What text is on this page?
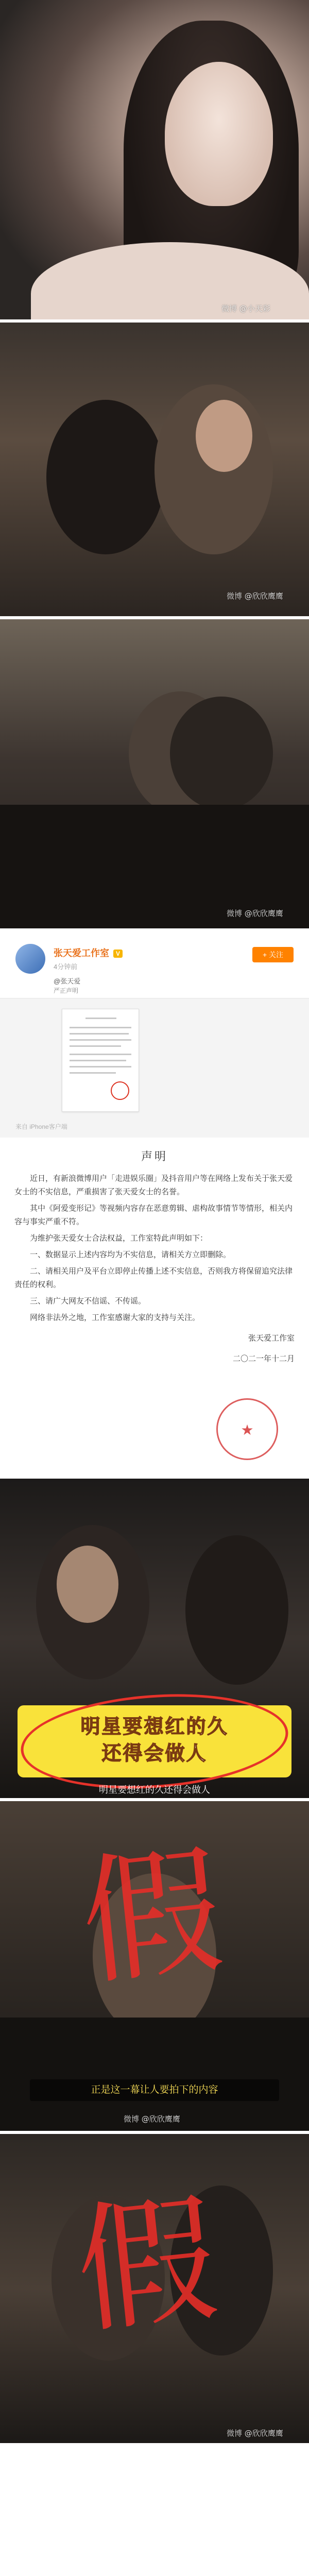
微博 @小天彩
微博 @欣欣鹰鹰
微博 @欣欣鹰鹰
张天爱工作室 V
4分钟前
+ 关注
@张天爱
严正声明
来自 iPhone客户端
声明

近日，有新浪微博用户「走进娱乐圈」及抖音用户等在网络上发布关于张天爱女士的不实信息，严重损害了张天爱女士的名誉。

其中《阿爱变形记》等视频内容存在恶意剪辑、虐构故事情节等情形，相关内容与事实严重不符。

为维护张天爱女士合法权益，工作室特此声明如下：

一、数据显示上述内容均为不实信息，请相关方立即删除。

二、请相关用户及平台立即停止传播上述不实信息，否则我方将保留追究法律责任的权利。

三、请广大网友不信谣、不传谣。

网络非法外之地，工作室感谢大家的支持与关注。

张天爱工作室
二〇二一年十二月
★
明星要想红的久
还得会做人
明星要想红的久还得会做人
假
正是这一幕让人要拍下的内容
微博 @欣欣鹰鹰
假
微博 @欣欣鹰鹰
